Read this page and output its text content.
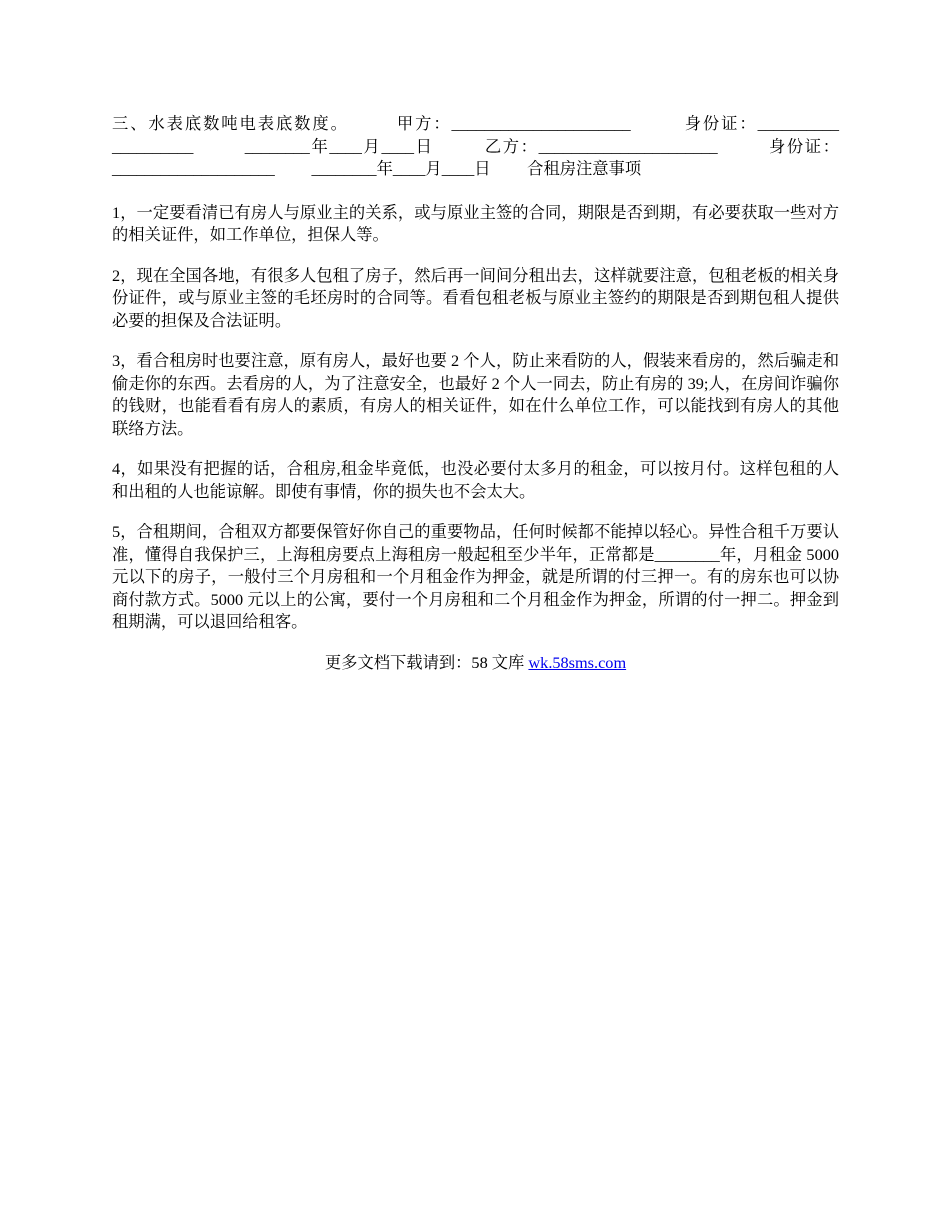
三、水表底数吨电表底数度。        甲方：______________________         身份证：__________ __________         ________年____月____日         乙方：______________________         身份证：____________________         ________年____月____日         合租房注意事项

1，一定要看清已有房人与原业主的关系，或与原业主签的合同，期限是否到期，有必要获取一些对方的相关证件，如工作单位，担保人等。

2，现在全国各地，有很多人包租了房子，然后再一间间分租出去，这样就要注意，包租老板的相关身份证件，或与原业主签的毛坯房时的合同等。看看包租老板与原业主签约的期限是否到期包租人提供必要的担保及合法证明。

3，看合租房时也要注意，原有房人，最好也要 2 个人，防止来看防的人，假装来看房的，然后骗走和偷走你的东西。去看房的人，为了注意安全，也最好 2 个人一同去，防止有房的 39;人，在房间诈骗你的钱财，也能看看有房人的素质，有房人的相关证件，如在什么单位工作，可以能找到有房人的其他联络方法。

4，如果没有把握的话，合租房,租金毕竟低，也没必要付太多月的租金，可以按月付。这样包租的人和出租的人也能谅解。即使有事情，你的损失也不会太大。

5，合租期间，合租双方都要保管好你自己的重要物品，任何时候都不能掉以轻心。异性合租千万要认准，懂得自我保护三，上海租房要点上海租房一般起租至少半年，正常都是________年，月租金 5000 元以下的房子，一般付三个月房租和一个月租金作为押金，就是所谓的付三押一。有的房东也可以协商付款方式。5000 元以上的公寓，要付一个月房租和二个月租金作为押金，所谓的付一押二。押金到租期满，可以退回给租客。

更多文档下载请到：58 文库 wk.58sms.com
